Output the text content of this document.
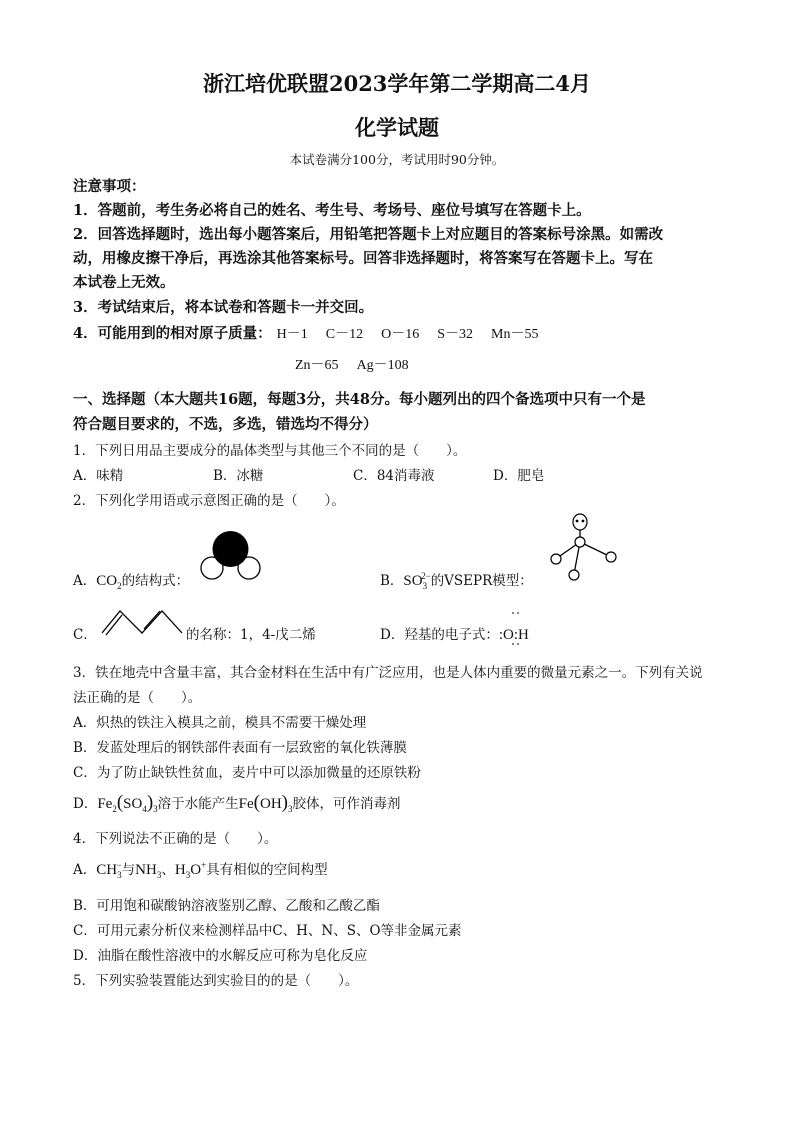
浙江培优联盟2023学年第二学期高二4月
化学试题
本试卷满分100分，考试用时90分钟。
注意事项：
1．答题前，考生务必将自己的姓名、考生号、考场号、座位号填写在答题卡上。
2．回答选择题时，选出每小题答案后，用铅笔把答题卡上对应题目的答案标号涂黑。如需改
动，用橡皮擦干净后，再选涂其他答案标号。回答非选择题时，将答案写在答题卡上。写在
本试卷上无效。
3．考试结束后，将本试卷和答题卡一并交回。
4．可能用到的相对原子质量： H－1 C－12 O－16 S－32 Mn－55
Zn－65 Ag－108
一、选择题（本大题共16题，每题3分，共48分。每小题列出的四个备选项中只有一个是
符合题目要求的，不选，多选，错选均不得分）
1．下列日用品主要成分的晶体类型与其他三个不同的是（　　）。
A．味精	B．冰糖	C．84消毒液	D．肥皂
2．下列化学用语或示意图正确的是（　　）。
A．$CO_2$的结构式：	B．$SO_3^{2-}$的VSEPR模型：
C．	的名称：1，4-戊二烯	D．羟基的电子式：:O:H
3．铁在地壳中含量丰富，其合金材料在生活中有广泛应用，也是人体内重要的微量元素之一。下列有关说
法正确的是（　　）。
A．炽热的铁注入模具之前，模具不需要干燥处理
B．发蓝处理后的钢铁部件表面有一层致密的氧化铁薄膜
C．为了防止缺铁性贫血，麦片中可以添加微量的还原铁粉
D．$Fe_2(SO_4)_3$溶于水能产生$Fe(OH)_3$胶体，可作消毒剂
4．下列说法不正确的是（　　）。
A．$CH_3^-$与$NH_3$、$H_3O^+$具有相似的空间构型
B．可用饱和碳酸钠溶液鉴别乙醇、乙酸和乙酸乙酯
C．可用元素分析仪来检测样品中C、H、N、S、O等非金属元素
D．油脂在酸性溶液中的水解反应可称为皂化反应
5．下列实验装置能达到实验目的的是（　　）。
